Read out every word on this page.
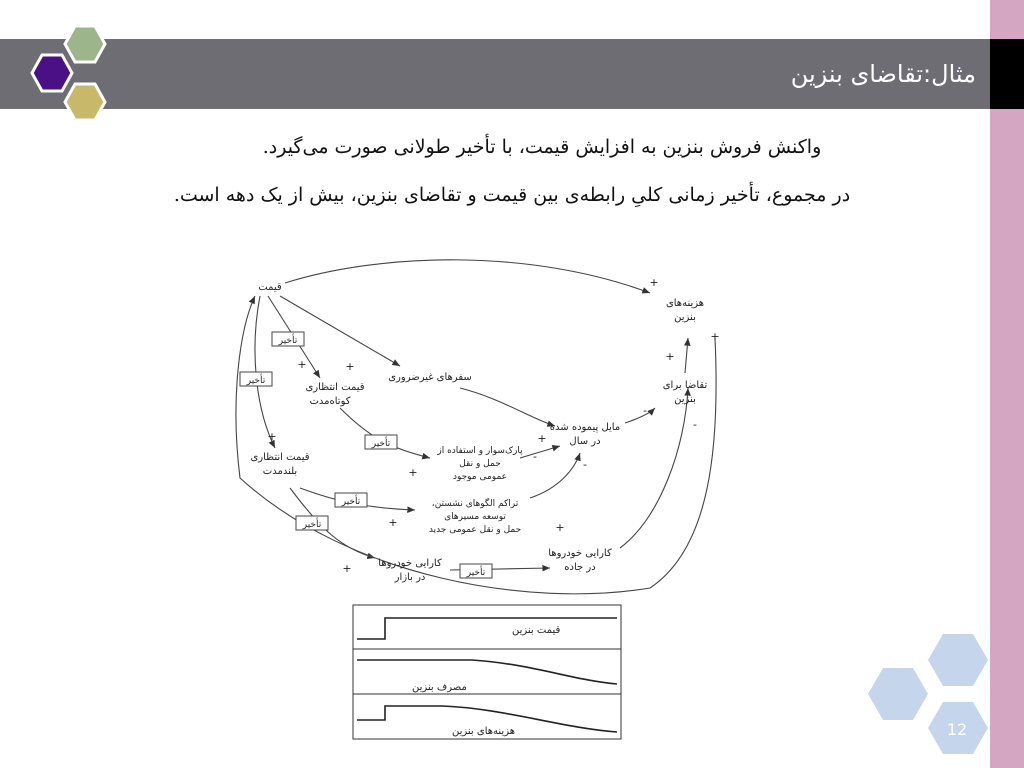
مثال:تقاضای بنزین
واکنش فروش بنزین به افزایش قیمت، با تأخیر طولانی صورت می‌گیرد.
در مجموع، تأخیر زمانی کلیِ رابطه‌ی بین قیمت و تقاضای بنزین، بیش از یک دهه است.
قیمت
هزینه‌های
بنزین
تقاضا برای
بنزین
سفرهای غیرضروری
قیمت انتظاری
کوتاه‌مدت
قیمت انتظاری
بلندمدت
مایل پیموده شده
در سال
پارک‌سوار و استفاده از
حمل و نقل
عمومی موجود
تراکم الگوهای نشستن،
توسعه مسیرهای
حمل و نقل عمومی جدید
کارایی خودروها
در بازار
کارایی خودروها
در جاده
تأخیر
تأخیر
تأخیر
تأخیر
تأخیر
تأخیر
+
+
+	+
+
+
+
+
+
+
+
-
-
-
-
قیمت بنزین
مصرف بنزین
هزینه‌های بنزین	12
